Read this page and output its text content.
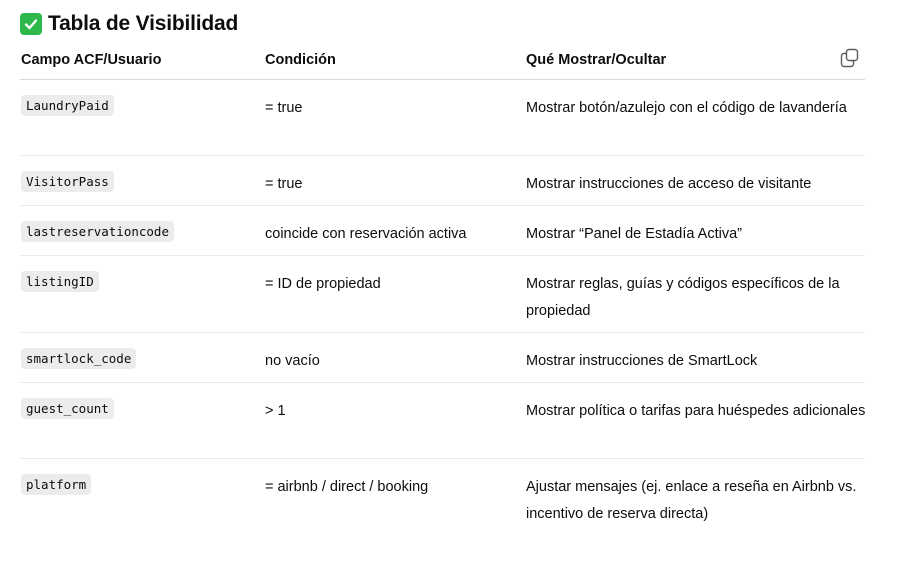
Tabla de Visibilidad
Campo ACF/Usuario	Condición	Qué Mostrar/Ocultar
LaundryPaid	= true	Mostrar botón/azulejo con el código de lavandería
VisitorPass	= true	Mostrar instrucciones de acceso de visitante
lastreservationcode	coincide con reservación activa	Mostrar “Panel de Estadía Activa”
listingID	= ID de propiedad	Mostrar reglas, guías y códigos específicos de la propiedad
smartlock_code	no vacío	Mostrar instrucciones de SmartLock
guest_count	> 1	Mostrar política o tarifas para huéspedes adicionales
platform	= airbnb / direct / booking	Ajustar mensajes (ej. enlace a reseña en Airbnb vs. incentivo de reserva directa)
